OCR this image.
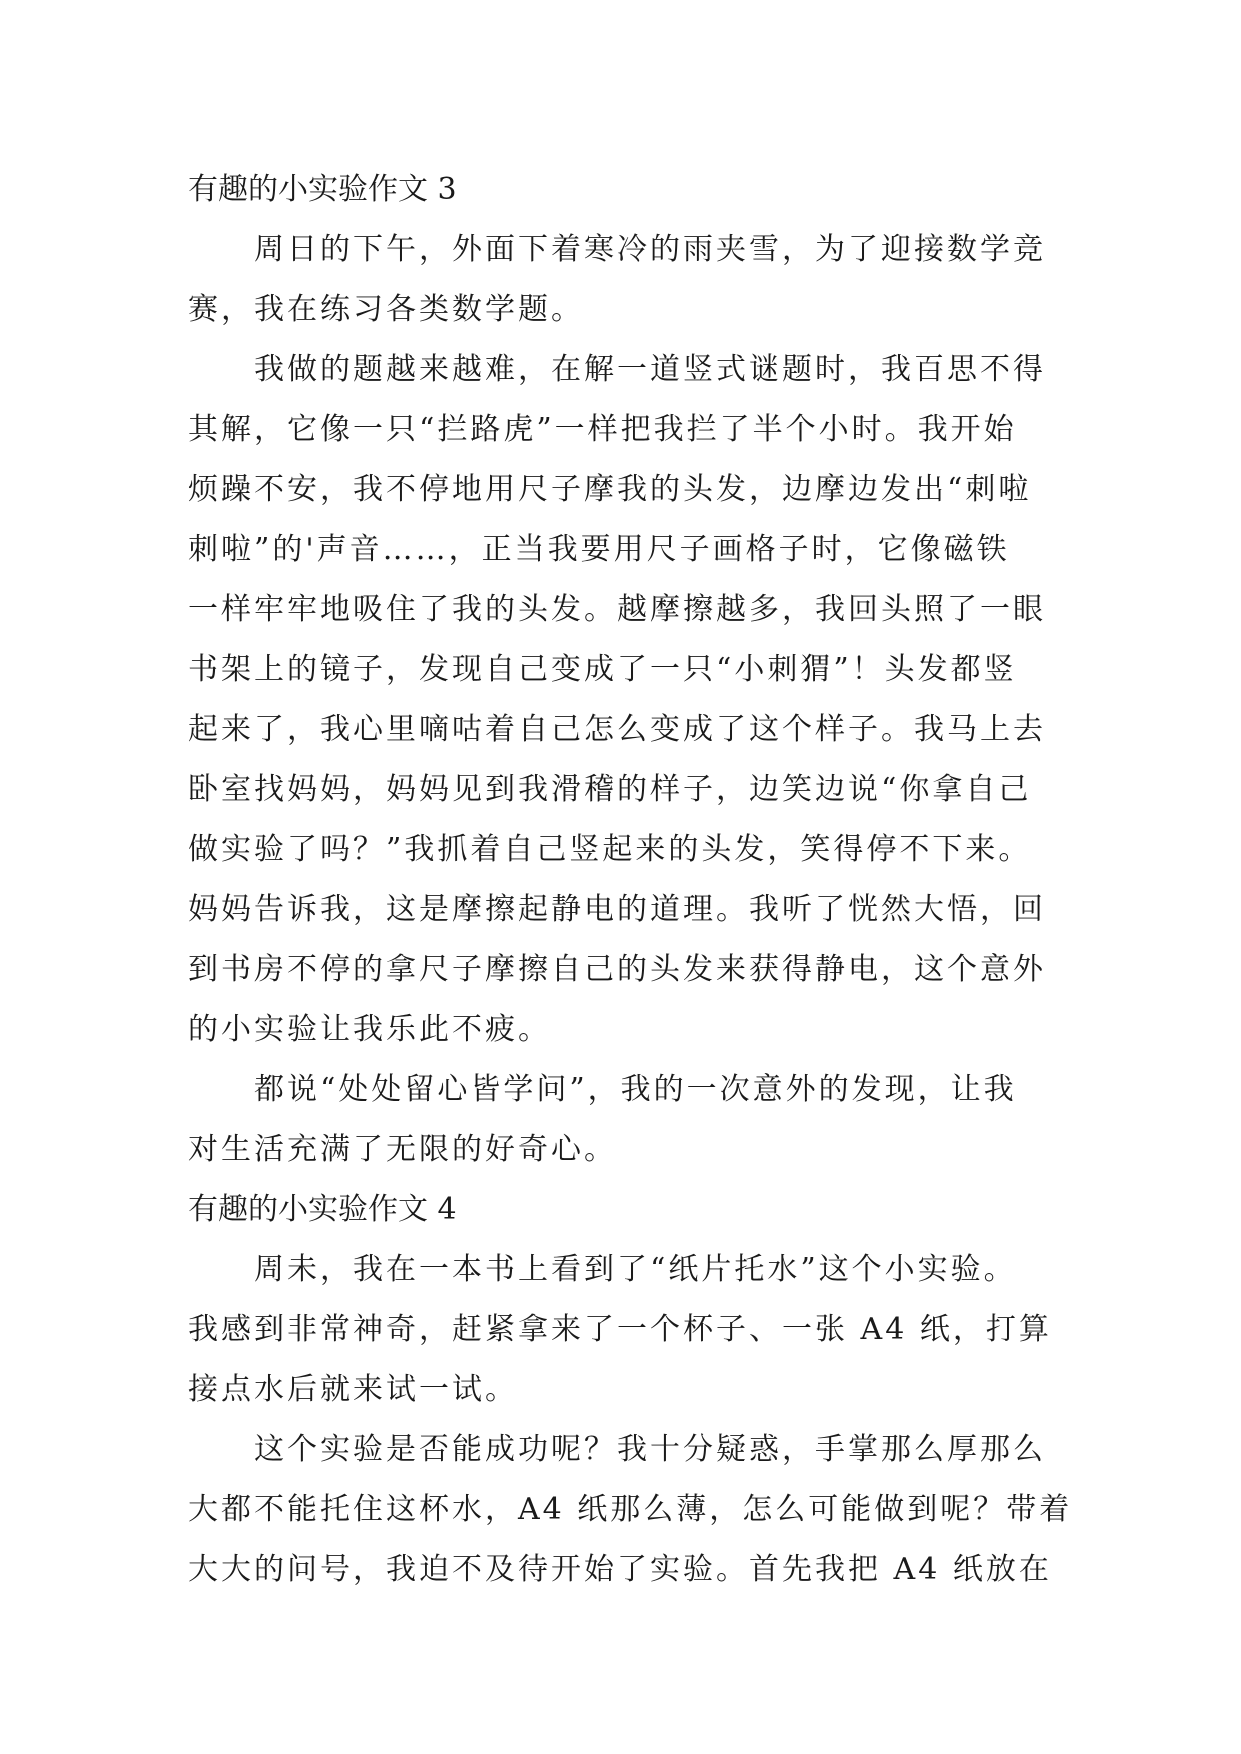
有趣的小实验作文 3
周日的下午，外面下着寒冷的雨夹雪，为了迎接数学竞
赛，我在练习各类数学题。
我做的题越来越难，在解一道竖式谜题时，我百思不得
其解，它像一只“拦路虎”一样把我拦了半个小时。我开始
烦躁不安，我不停地用尺子摩我的头发，边摩边发出“刺啦
刺啦”的'声音……，正当我要用尺子画格子时，它像磁铁
一样牢牢地吸住了我的头发。越摩擦越多，我回头照了一眼
书架上的镜子，发现自己变成了一只“小刺猬”！头发都竖
起来了，我心里嘀咕着自己怎么变成了这个样子。我马上去
卧室找妈妈，妈妈见到我滑稽的样子，边笑边说“你拿自己
做实验了吗？”我抓着自己竖起来的头发，笑得停不下来。
妈妈告诉我，这是摩擦起静电的道理。我听了恍然大悟，回
到书房不停的拿尺子摩擦自己的头发来获得静电，这个意外
的小实验让我乐此不疲。
都说“处处留心皆学问”，我的一次意外的发现，让我
对生活充满了无限的好奇心。
有趣的小实验作文 4
周未，我在一本书上看到了“纸片托水”这个小实验。
我感到非常神奇，赶紧拿来了一个杯子、一张 A4 纸，打算
接点水后就来试一试。
这个实验是否能成功呢？我十分疑惑，手掌那么厚那么
大都不能托住这杯水，A4 纸那么薄，怎么可能做到呢？带着
大大的问号，我迫不及待开始了实验。首先我把 A4 纸放在
